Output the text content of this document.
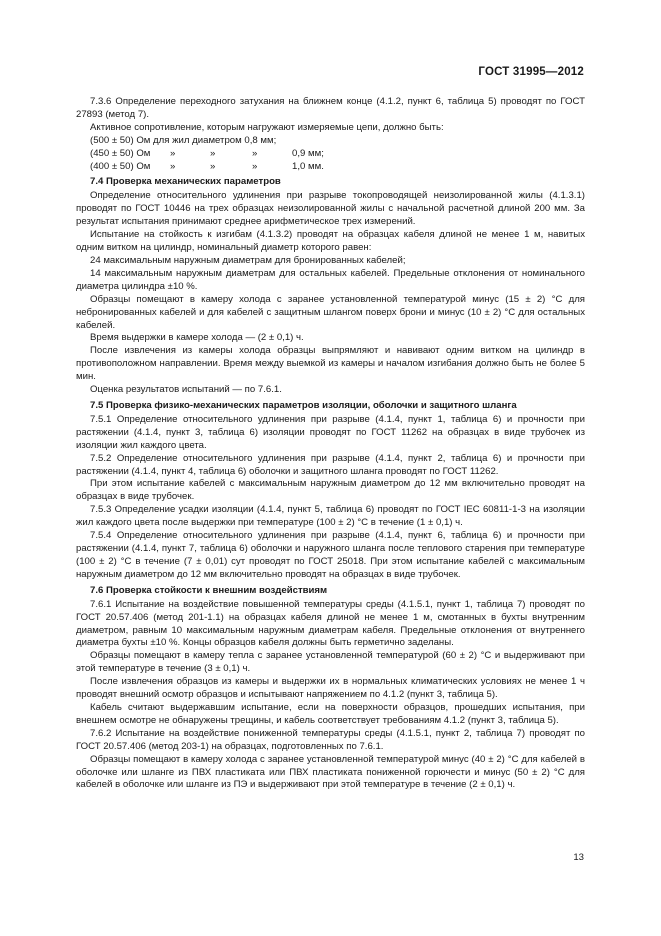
ГОСТ 31995—2012

7.3.6 Определение переходного затухания на ближнем конце (4.1.2, пункт 6, таблица 5) проводят по ГОСТ 27893 (метод 7).

Активное сопротивление, которым нагружают измеряемые цепи, должно быть:

(500 ± 50) Ом для жил диаметром 0,8 мм;

(450 ± 50) Ом	»	»	»	0,9 мм;
(400 ± 50) Ом	»	»	»	1,0 мм.
7.4 Проверка механических параметров

Определение относительного удлинения при разрыве токопроводящей неизолированной жилы (4.1.3.1) проводят по ГОСТ 10446 на трех образцах неизолированной жилы с начальной расчетной длиной 200 мм. За результат испытания принимают среднее арифметическое трех измерений.

Испытание на стойкость к изгибам (4.1.3.2) проводят на образцах кабеля длиной не менее 1 м, навитых одним витком на цилиндр, номинальный диаметр которого равен:

24 максимальным наружным диаметрам для бронированных кабелей;

14 максимальным наружным диаметрам для остальных кабелей. Предельные отклонения от номинального диаметра цилиндра ±10 %.

Образцы помещают в камеру холода с заранее установленной температурой минус (15 ± 2) °С для небронированных кабелей и для кабелей с защитным шлангом поверх брони и минус (10 ± 2) °С для остальных кабелей.

Время выдержки в камере холода — (2 ± 0,1) ч.

После извлечения из камеры холода образцы выпрямляют и навивают одним витком на цилиндр в противоположном направлении. Время между выемкой из камеры и началом изгибания должно быть не более 5 мин.

Оценка результатов испытаний — по 7.6.1.

7.5 Проверка физико-механических параметров изоляции, оболочки и защитного шланга

7.5.1 Определение относительного удлинения при разрыве (4.1.4, пункт 1, таблица 6) и прочности при растяжении (4.1.4, пункт 3, таблица 6) изоляции проводят по ГОСТ 11262 на образцах в виде трубочек из изоляции жил каждого цвета.

7.5.2 Определение относительного удлинения при разрыве (4.1.4, пункт 2, таблица 6) и прочности при растяжении (4.1.4, пункт 4, таблица 6) оболочки и защитного шланга проводят по ГОСТ 11262.

При этом испытание кабелей с максимальным наружным диаметром до 12 мм включительно проводят на образцах в виде трубочек.

7.5.3 Определение усадки изоляции (4.1.4, пункт 5, таблица 6) проводят по ГОСТ IEC 60811-1-3 на изоляции жил каждого цвета после выдержки при температуре (100 ± 2) °С в течение (1 ± 0,1) ч.

7.5.4 Определение относительного удлинения при разрыве (4.1.4, пункт 6, таблица 6) и прочности при растяжении (4.1.4, пункт 7, таблица 6) оболочки и наружного шланга после теплового старения при температуре (100 ± 2) °С в течение (7 ± 0,01) сут проводят по ГОСТ 25018. При этом испытание кабелей с максимальным наружным диаметром до 12 мм включительно проводят на образцах в виде трубочек.

7.6 Проверка стойкости к внешним воздействиям

7.6.1 Испытание на воздействие повышенной температуры среды (4.1.5.1, пункт 1, таблица 7) проводят по ГОСТ 20.57.406 (метод 201-1.1) на образцах кабеля длиной не менее 1 м, смотанных в бухты внутренним диаметром, равным 10 максимальным наружным диаметрам кабеля. Предельные отклонения от внутреннего диаметра бухты ±10 %. Концы образцов кабеля должны быть герметично заделаны.

Образцы помещают в камеру тепла с заранее установленной температурой (60 ± 2) °С и выдерживают при этой температуре в течение (3 ± 0,1) ч.

После извлечения образцов из камеры и выдержки их в нормальных климатических условиях не менее 1 ч проводят внешний осмотр образцов и испытывают напряжением по 4.1.2 (пункт 3, таблица 5).

Кабель считают выдержавшим испытание, если на поверхности образцов, прошедших испытания, при внешнем осмотре не обнаружены трещины, и кабель соответствует требованиям 4.1.2 (пункт 3, таблица 5).

7.6.2 Испытание на воздействие пониженной температуры среды (4.1.5.1, пункт 2, таблица 7) проводят по ГОСТ 20.57.406 (метод 203-1) на образцах, подготовленных по 7.6.1.

Образцы помещают в камеру холода с заранее установленной температурой минус (40 ± 2) °С для кабелей в оболочке или шланге из ПВХ пластиката или ПВХ пластиката пониженной горючести и минус (50 ± 2) °С для кабелей в оболочке или шланге из ПЭ и выдерживают при этой температуре в течение (2 ± 0,1) ч.

13
